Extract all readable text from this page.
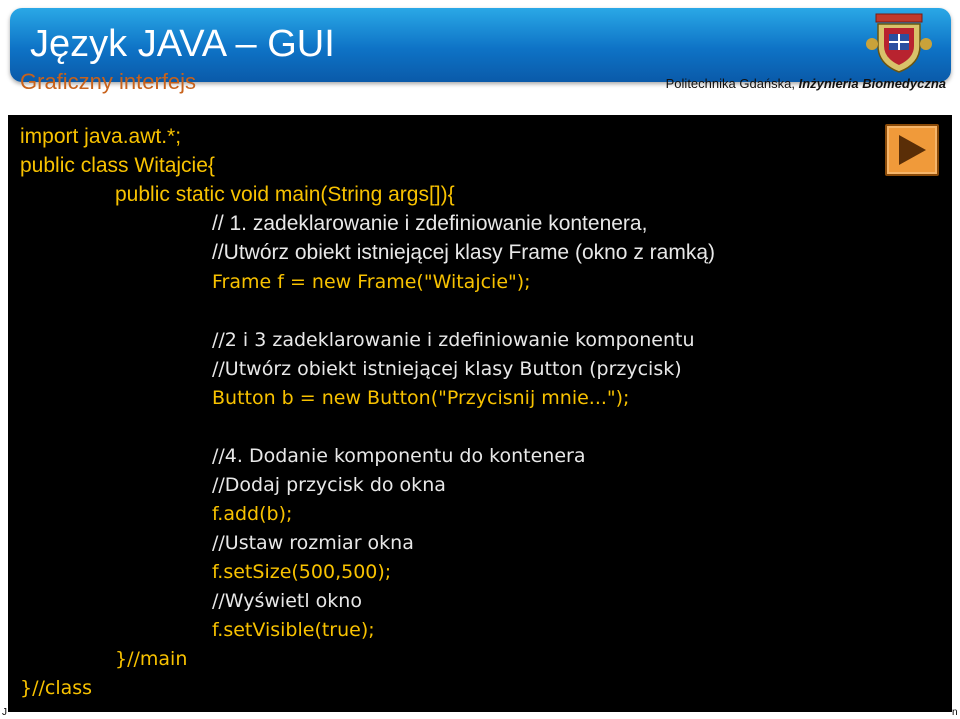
Język JAVA – GUI
Graficzny interfejs	Politechnika Gdańska, Inżynieria Biomedyczna
import java.awt.*;
public class Witajcie{
public static void main(String args[]){
// 1. zadeklarowanie i zdefiniowanie kontenera,
//Utwórz obiekt istniejącej klasy Frame (okno z ramką)
Frame f = new Frame("Witajcie");
//2 i 3 zadeklarowanie i zdefiniowanie komponentu
//Utwórz obiekt istniejącej klasy Button (przycisk)
Button b = new Button("Przycisnij mnie...");
//4. Dodanie komponentu do kontenera
//Dodaj przycisk do okna
f.add(b);
//Ustaw rozmiar okna
f.setSize(500,500);
//Wyświetl okno
f.setVisible(true);
}//main
}//class
J	n
